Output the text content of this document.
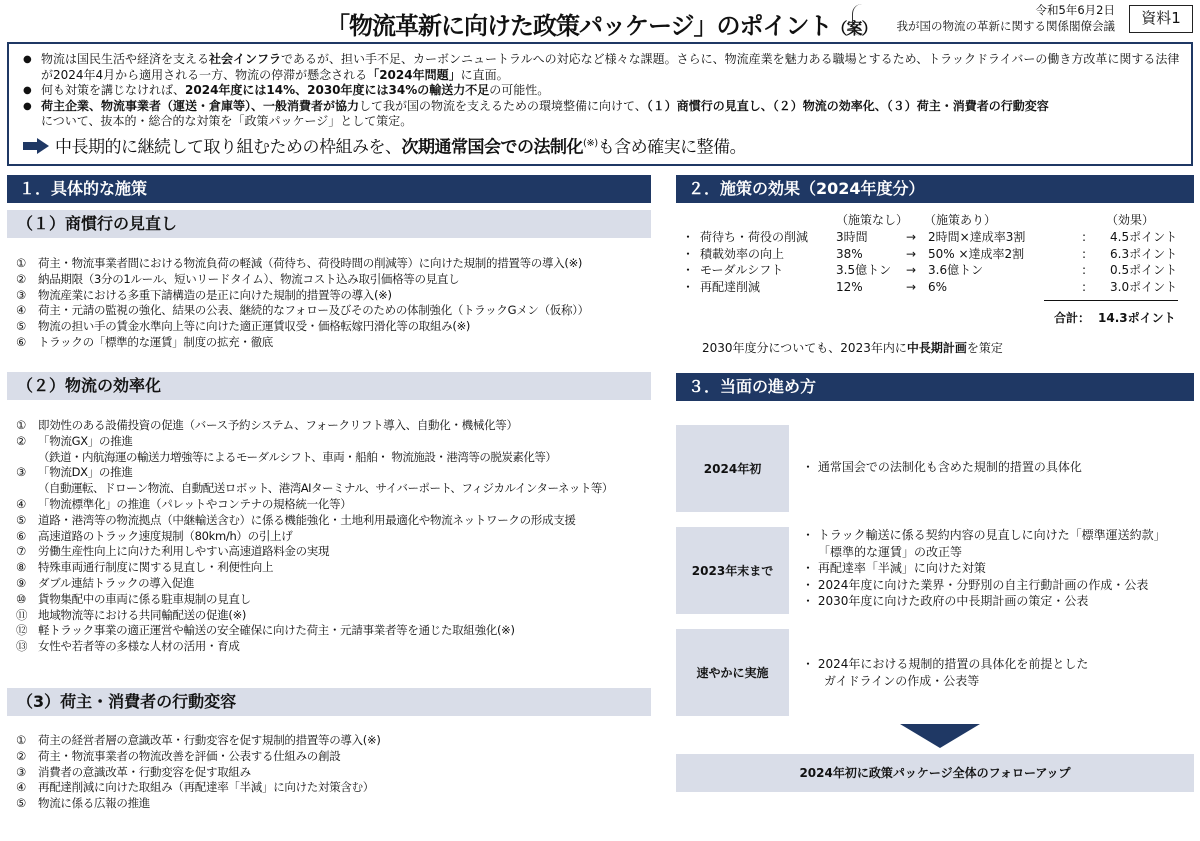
「物流革新に向けた政策パッケージ」のポイント（案）
令和5年6月2日
我が国の物流の革新に関する関係閣僚会議	資料1
● 物流は国民生活や経済を支える社会インフラであるが、担い手不足、カーボンニュートラルへの対応など様々な課題。さらに、物流産業を魅力ある職場とするため、トラックドライバーの働き方改革に関する法律が2024年4月から適用される一方、物流の停滞が懸念される「2024年問題」に直面。
● 何も対策を講じなければ、2024年度には14%、2030年度には34%の輸送力不足の可能性。
● 荷主企業、物流事業者（運送・倉庫等）、一般消費者が協力して我が国の物流を支えるための環境整備に向けて、（１）商慣行の見直し、（２）物流の効率化、（３）荷主・消費者の行動変容
について、抜本的・総合的な対策を「政策パッケージ」として策定。
中長期的に継続して取り組むための枠組みを、次期通常国会での法制化(※)も含め確実に整備。
１．具体的な施策
（１）商慣行の見直し
①	荷主・物流事業者間における物流負荷の軽減（荷待ち、荷役時間の削減等）に向けた規制的措置等の導入(※)
②	納品期限（3分の1ルール、短いリードタイム）、物流コスト込み取引価格等の見直し
③	物流産業における多重下請構造の是正に向けた規制的措置等の導入(※)
④	荷主・元請の監視の強化、結果の公表、継続的なフォロー及びそのための体制強化（トラックGメン（仮称））
⑤	物流の担い手の賃金水準向上等に向けた適正運賃収受・価格転嫁円滑化等の取組み(※)
⑥	トラックの「標準的な運賃」制度の拡充・徹底
（２）物流の効率化
①	即効性のある設備投資の促進（バース予約システム、フォークリフト導入、自動化・機械化等）
②	「物流GX」の推進
（鉄道・内航海運の輸送力増強等によるモーダルシフト、車両・船舶・ 物流施設・港湾等の脱炭素化等）
③	「物流DX」の推進
（自動運転、ドローン物流、自動配送ロボット、港湾AIターミナル、サイバーポート、フィジカルインターネット等）
④	「物流標準化」の推進（パレットやコンテナの規格統一化等）
⑤	道路・港湾等の物流拠点（中継輸送含む）に係る機能強化・土地利用最適化や物流ネットワークの形成支援
⑥	高速道路のトラック速度規制（80km/h）の引上げ
⑦	労働生産性向上に向けた利用しやすい高速道路料金の実現
⑧	特殊車両通行制度に関する見直し・利便性向上
⑨	ダブル連結トラックの導入促進
⑩	貨物集配中の車両に係る駐車規制の見直し
⑪ 地域物流等における共同輸配送の促進(※)
⑫ 軽トラック事業の適正運営や輸送の安全確保に向けた荷主・元請事業者等を通じた取組強化(※)
⑬ 女性や若者等の多様な人材の活用・育成
（3）荷主・消費者の行動変容
①	荷主の経営者層の意識改革・行動変容を促す規制的措置等の導入(※)
②	荷主・物流事業者の物流改善を評価・公表する仕組みの創設
③	消費者の意識改革・行動変容を促す取組み
④	再配達削減に向けた取組み（再配達率「半減」に向けた対策含む）
⑤	物流に係る広報の推進
２．施策の効果（2024年度分）
（施策なし） （施策あり）	（効果）
・ 荷待ち・荷役の削減 3時間	→ 2時間×達成率3割	: 4.5ポイント
・ 積載効率の向上	38%	→ 50% ×達成率2割	: 6.3ポイント
・ モーダルシフト	3.5億トン → 3.6億トン	: 0.5ポイント
・ 再配達削減	12%	→ 6%	: 3.0ポイント
合計： 14.3ポイント
2030年度分についても、2023年内に中長期計画を策定
３．当面の進め方
2024年初	・ 通常国会での法制化も含めた規制的措置の具体化
2023年末まで
・ トラック輸送に係る契約内容の見直しに向けた「標準運送約款」
　「標準的な運賃」の改正等
・ 再配達率「半減」に向けた対策
・ 2024年度に向けた業界・分野別の自主行動計画の作成・公表
・ 2030年度に向けた政府の中長期計画の策定・公表
速やかに実施
・ 2024年における規制的措置の具体化を前提とした
　ガイドラインの作成・公表等
2024年初に政策パッケージ全体のフォローアップ
